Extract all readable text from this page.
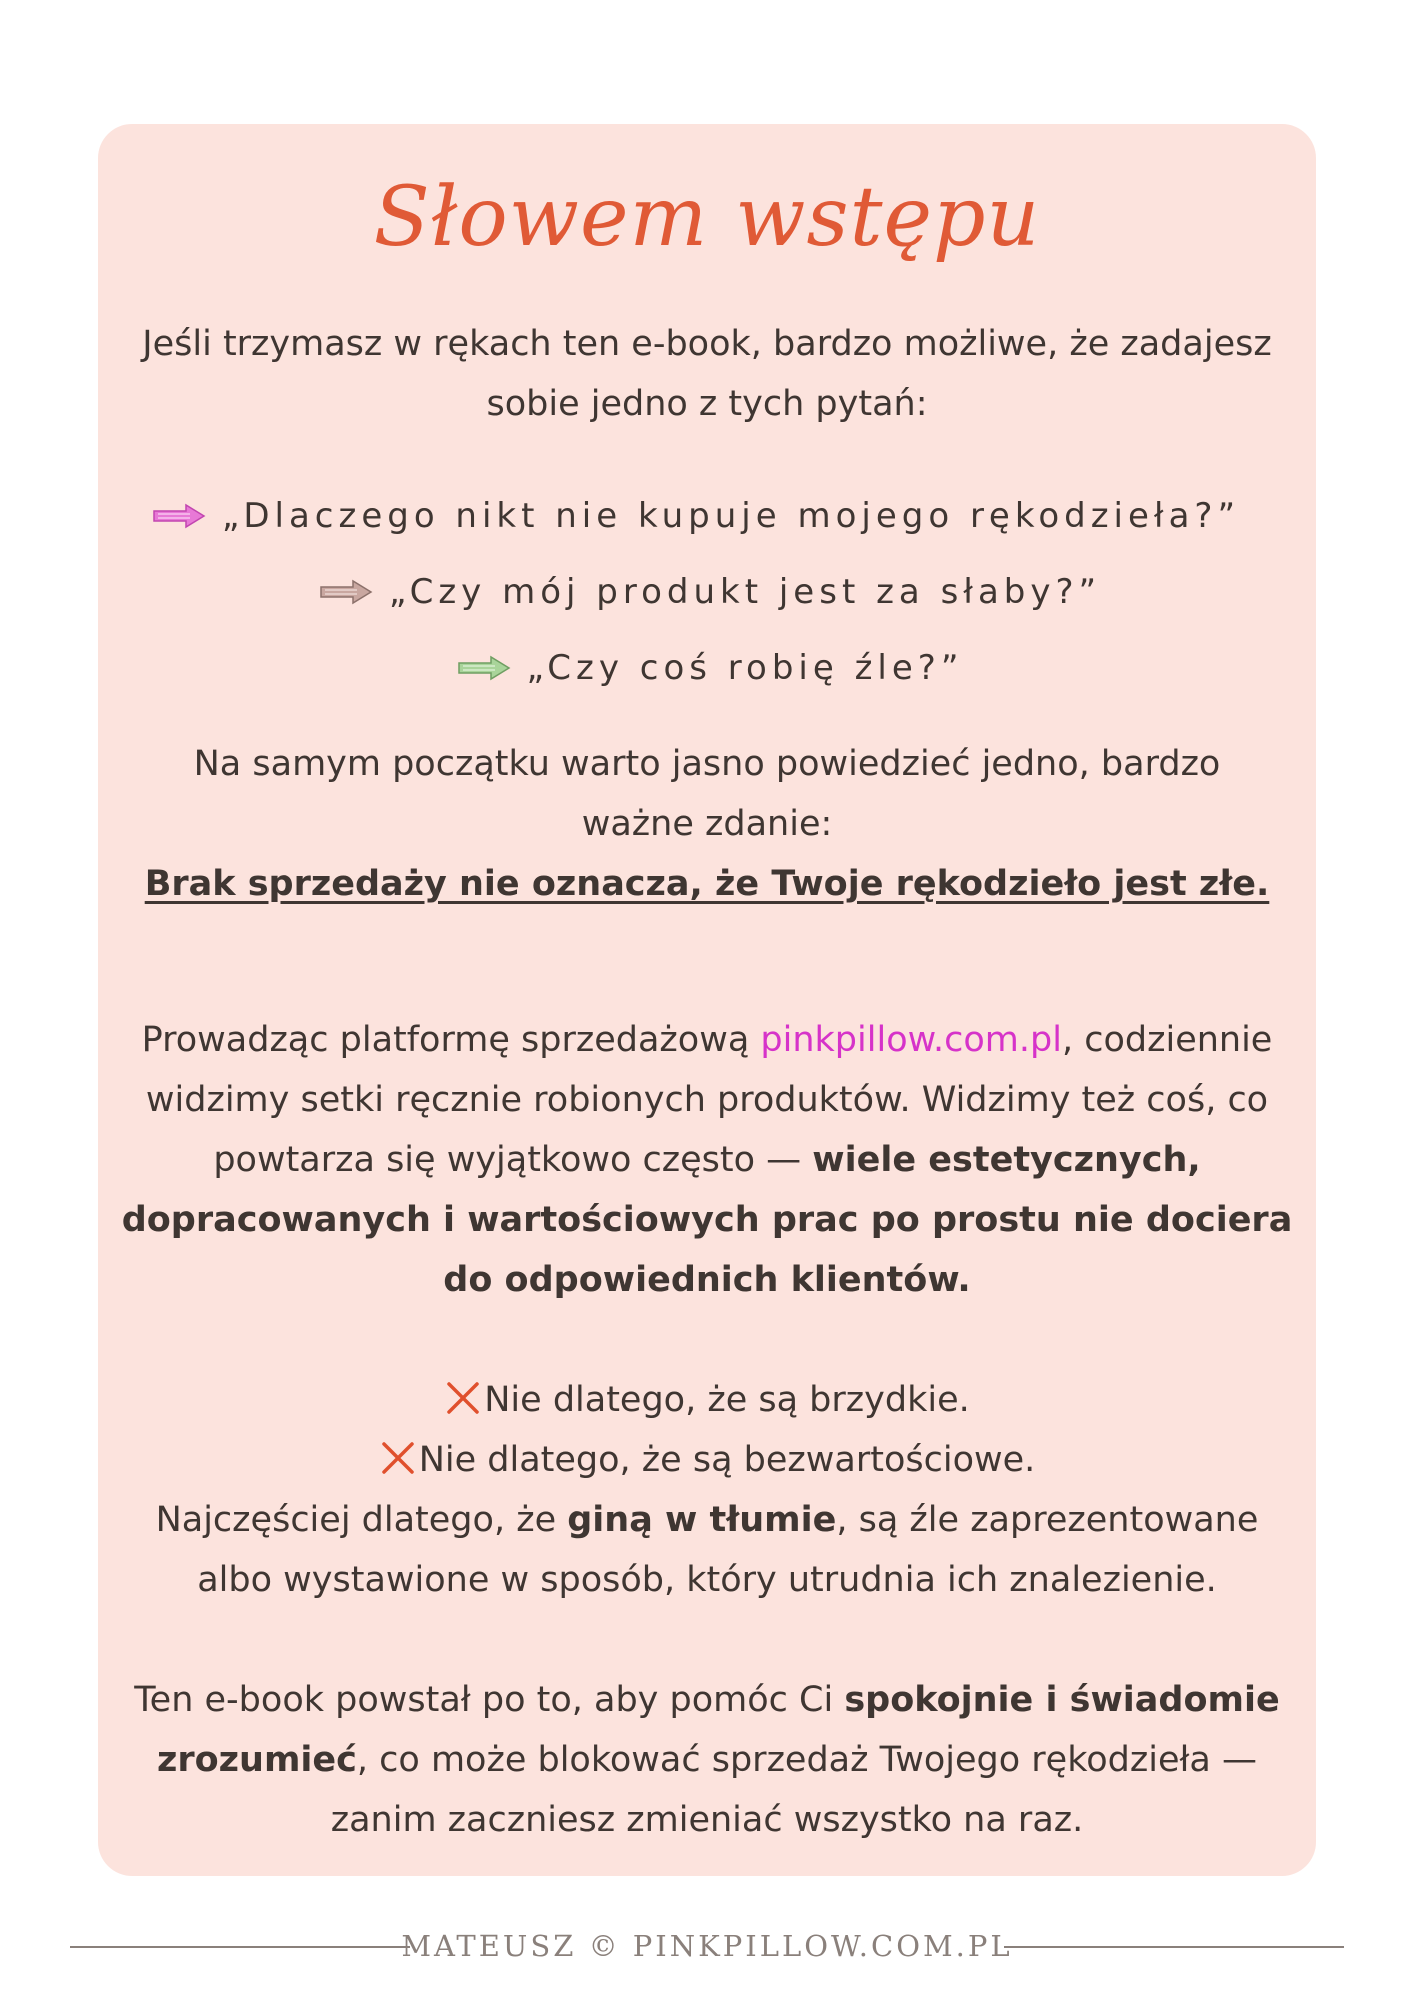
Słowem wstępu
Jeśli trzymasz w rękach ten e-book, bardzo możliwe, że zadajesz
sobie jedno z tych pytań:
„Dlaczego nikt nie kupuje mojego rękodzieła?”
„Czy mój produkt jest za słaby?”
„Czy coś robię źle?”
Na samym początku warto jasno powiedzieć jedno, bardzo
ważne zdanie:
Brak sprzedaży nie oznacza, że Twoje rękodzieło jest złe.
Prowadząc platformę sprzedażową pinkpillow.com.pl, codziennie
widzimy setki ręcznie robionych produktów. Widzimy też coś, co
powtarza się wyjątkowo często — wiele estetycznych,
dopracowanych i wartościowych prac po prostu nie dociera
do odpowiednich klientów.
Nie dlatego, że są brzydkie.
Nie dlatego, że są bezwartościowe.
Najczęściej dlatego, że giną w tłumie, są źle zaprezentowane
albo wystawione w sposób, który utrudnia ich znalezienie.
Ten e-book powstał po to, aby pomóc Ci spokojnie i świadomie
zrozumieć, co może blokować sprzedaż Twojego rękodzieła —
zanim zaczniesz zmieniać wszystko na raz.
MATEUSZ © PINKPILLOW.COM.PL
